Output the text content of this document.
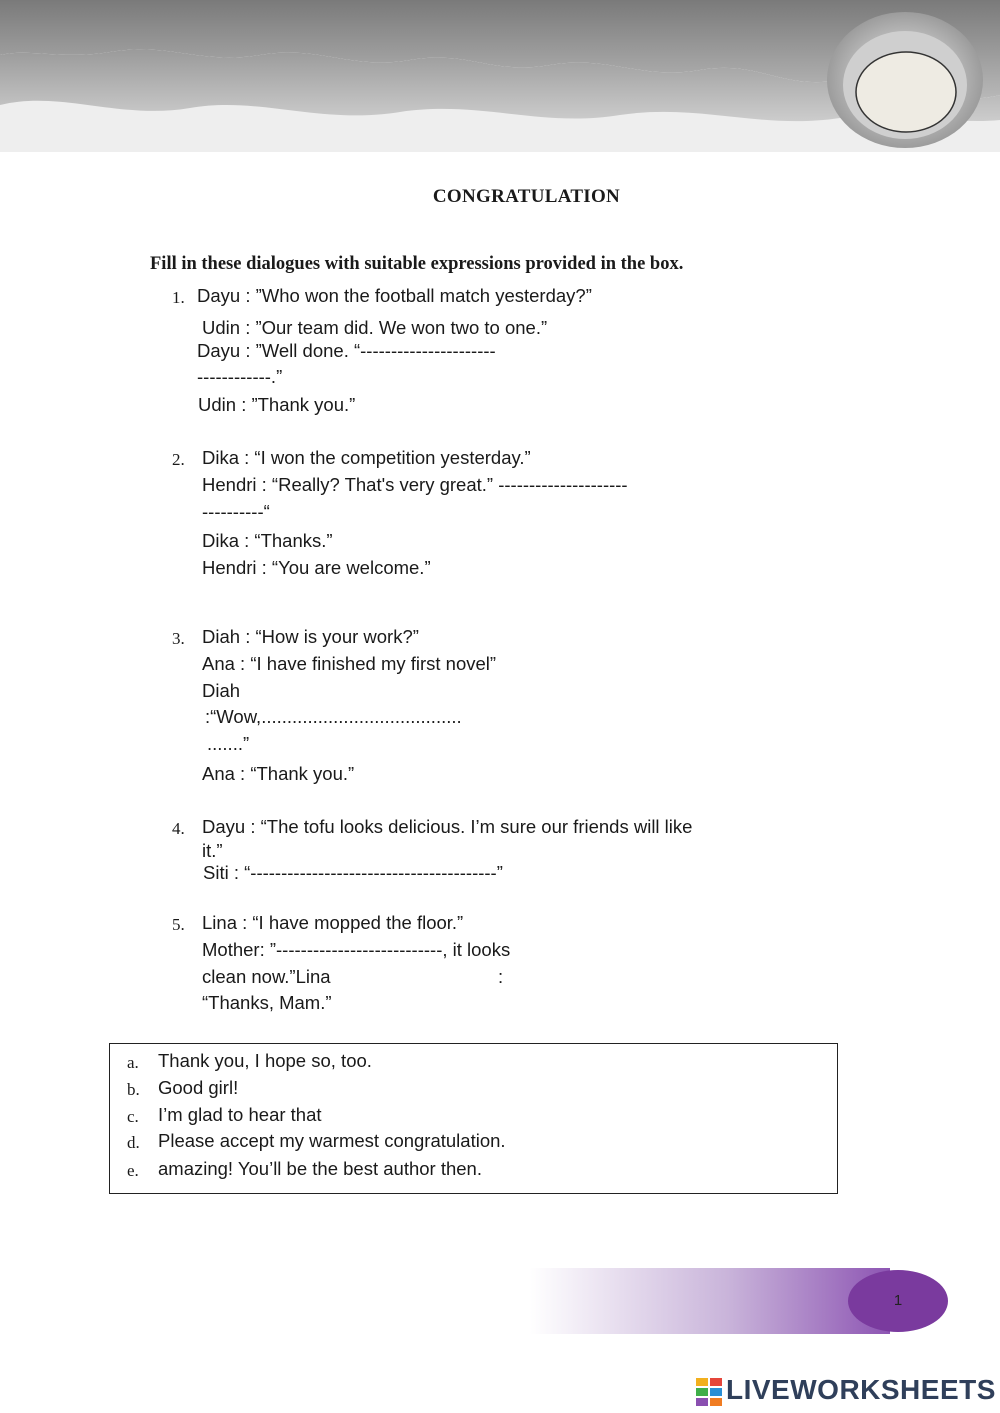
CONGRATULATION
Fill in these dialogues with suitable expressions provided in the box.
1. Dayu : ”Who won the football match yesterday?”
Udin : ”Our team did. We won two to one.”
Dayu : ”Well done. “----------------------
------------.”
Udin : ”Thank you.”
2. Dika : “I won the competition yesterday.”
Hendri : “Really? That's very great.” ---------------------
----------“
Dika : “Thanks.”
Hendri : “You are welcome.”
3. Diah : “How is your work?”
Ana : “I have finished my first novel”
Diah
:“Wow,.......................................
.......”
Ana : “Thank you.”
4. Dayu : “The tofu looks delicious. I’m sure our friends will like
it.”
Siti : “----------------------------------------”
5. Lina : “I have mopped the floor.”
Mother: ”---------------------------, it looks
clean now.”Lina	:
“Thanks, Mam.”
a. Thank you, I hope so, too.
b. Good girl!
c. I’m glad to hear that
d. Please accept my warmest congratulation.
e. amazing! You’ll be the best author then.
1
LIVEWORKSHEETS
